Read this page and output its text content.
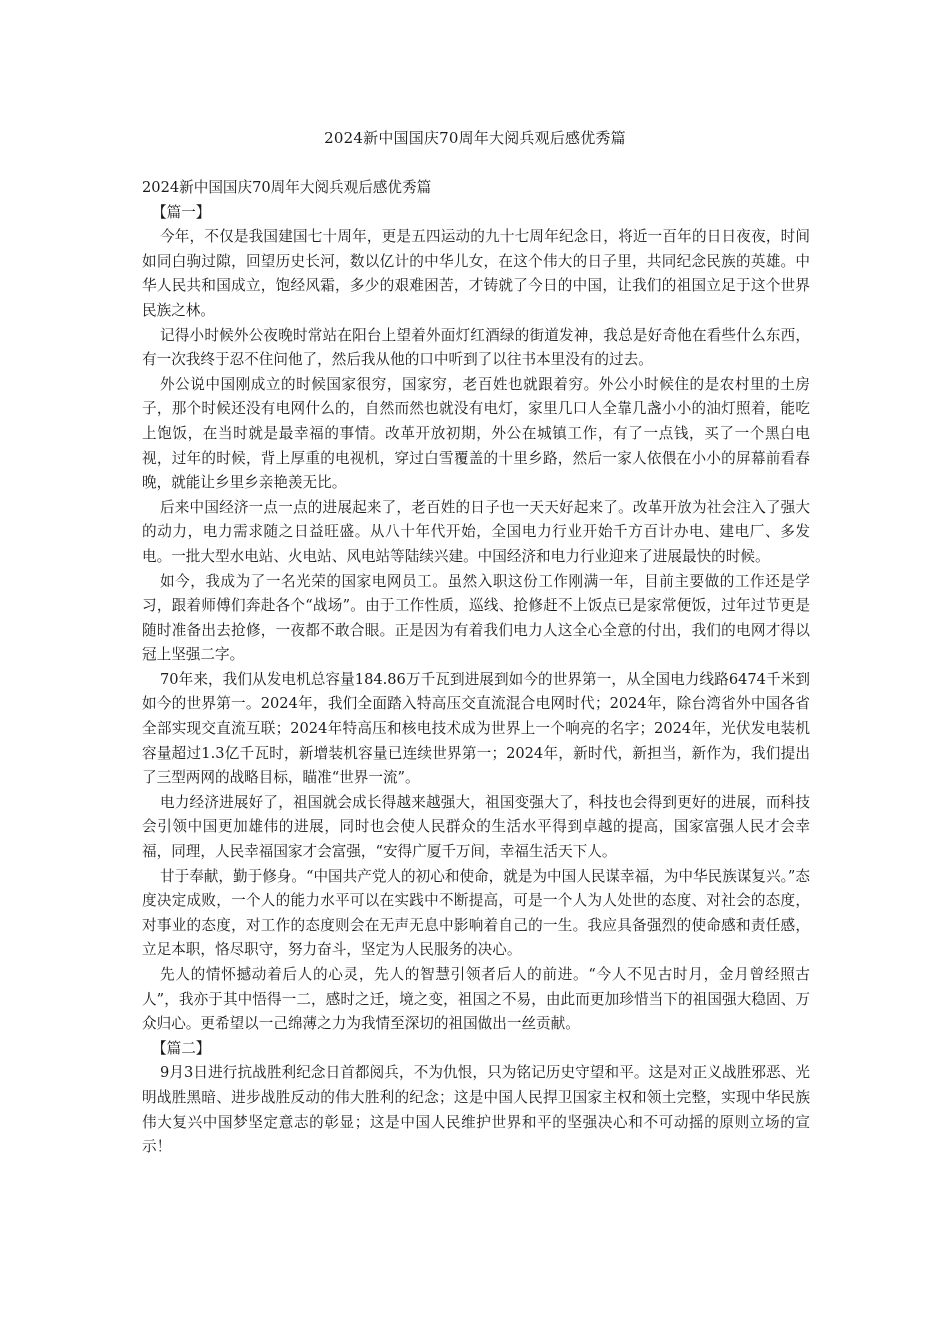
2024新中国国庆70周年大阅兵观后感优秀篇

2024新中国国庆70周年大阅兵观后感优秀篇

【篇一】

今年，不仅是我国建国七十周年，更是五四运动的九十七周年纪念日，将近一百年的日日夜夜，时间如同白驹过隙，回望历史长河，数以亿计的中华儿女，在这个伟大的日子里，共同纪念民族的英雄。中华人民共和国成立，饱经风霜，多少的艰难困苦，才铸就了今日的中国，让我们的祖国立足于这个世界民族之林。

记得小时候外公夜晚时常站在阳台上望着外面灯红酒绿的街道发神，我总是好奇他在看些什么东西，有一次我终于忍不住问他了，然后我从他的口中听到了以往书本里没有的过去。

外公说中国刚成立的时候国家很穷，国家穷，老百姓也就跟着穷。外公小时候住的是农村里的土房子，那个时候还没有电网什么的，自然而然也就没有电灯，家里几口人全靠几盏小小的油灯照着，能吃上饱饭，在当时就是最幸福的事情。改革开放初期，外公在城镇工作，有了一点钱，买了一个黑白电视，过年的时候，背上厚重的电视机，穿过白雪覆盖的十里乡路，然后一家人依偎在小小的屏幕前看春晚，就能让乡里乡亲艳羡无比。

后来中国经济一点一点的进展起来了，老百姓的日子也一天天好起来了。改革开放为社会注入了强大的动力，电力需求随之日益旺盛。从八十年代开始，全国电力行业开始千方百计办电、建电厂、多发电。一批大型水电站、火电站、风电站等陆续兴建。中国经济和电力行业迎来了进展最快的时候。

如今，我成为了一名光荣的国家电网员工。虽然入职这份工作刚满一年，目前主要做的工作还是学习，跟着师傅们奔赴各个“战场”。由于工作性质，巡线、抢修赶不上饭点已是家常便饭，过年过节更是随时准备出去抢修，一夜都不敢合眼。正是因为有着我们电力人这全心全意的付出，我们的电网才得以冠上坚强二字。

70年来，我们从发电机总容量184.86万千瓦到进展到如今的世界第一，从全国电力线路6474千米到如今的世界第一。2024年，我们全面踏入特高压交直流混合电网时代；2024年，除台湾省外中国各省全部实现交直流互联；2024年特高压和核电技术成为世界上一个响亮的名字；2024年，光伏发电装机容量超过1.3亿千瓦时，新增装机容量已连续世界第一；2024年，新时代，新担当，新作为，我们提出了三型两网的战略目标，瞄准“世界一流”。

电力经济进展好了，祖国就会成长得越来越强大，祖国变强大了，科技也会得到更好的进展，而科技会引领中国更加雄伟的进展，同时也会使人民群众的生活水平得到卓越的提高，国家富强人民才会幸福，同理，人民幸福国家才会富强，“安得广厦千万间，幸福生活天下人。

甘于奉献，勤于修身。“中国共产党人的初心和使命，就是为中国人民谋幸福，为中华民族谋复兴。”态度决定成败，一个人的能力水平可以在实践中不断提高，可是一个人为人处世的态度、对社会的态度，对事业的态度，对工作的态度则会在无声无息中影响着自己的一生。我应具备强烈的使命感和责任感，立足本职，恪尽职守，努力奋斗，坚定为人民服务的决心。

先人的情怀撼动着后人的心灵，先人的智慧引领者后人的前进。“今人不见古时月，金月曾经照古人”，我亦于其中悟得一二，感时之迁，境之变，祖国之不易，由此而更加珍惜当下的祖国强大稳固、万众归心。更希望以一己绵薄之力为我情至深切的祖国做出一丝贡献。

【篇二】

9月3日进行抗战胜利纪念日首都阅兵，不为仇恨，只为铭记历史守望和平。这是对正义战胜邪恶、光明战胜黑暗、进步战胜反动的伟大胜利的纪念；这是中国人民捍卫国家主权和领土完整，实现中华民族伟大复兴中国梦坚定意志的彰显；这是中国人民维护世界和平的坚强决心和不可动摇的原则立场的宣示！
